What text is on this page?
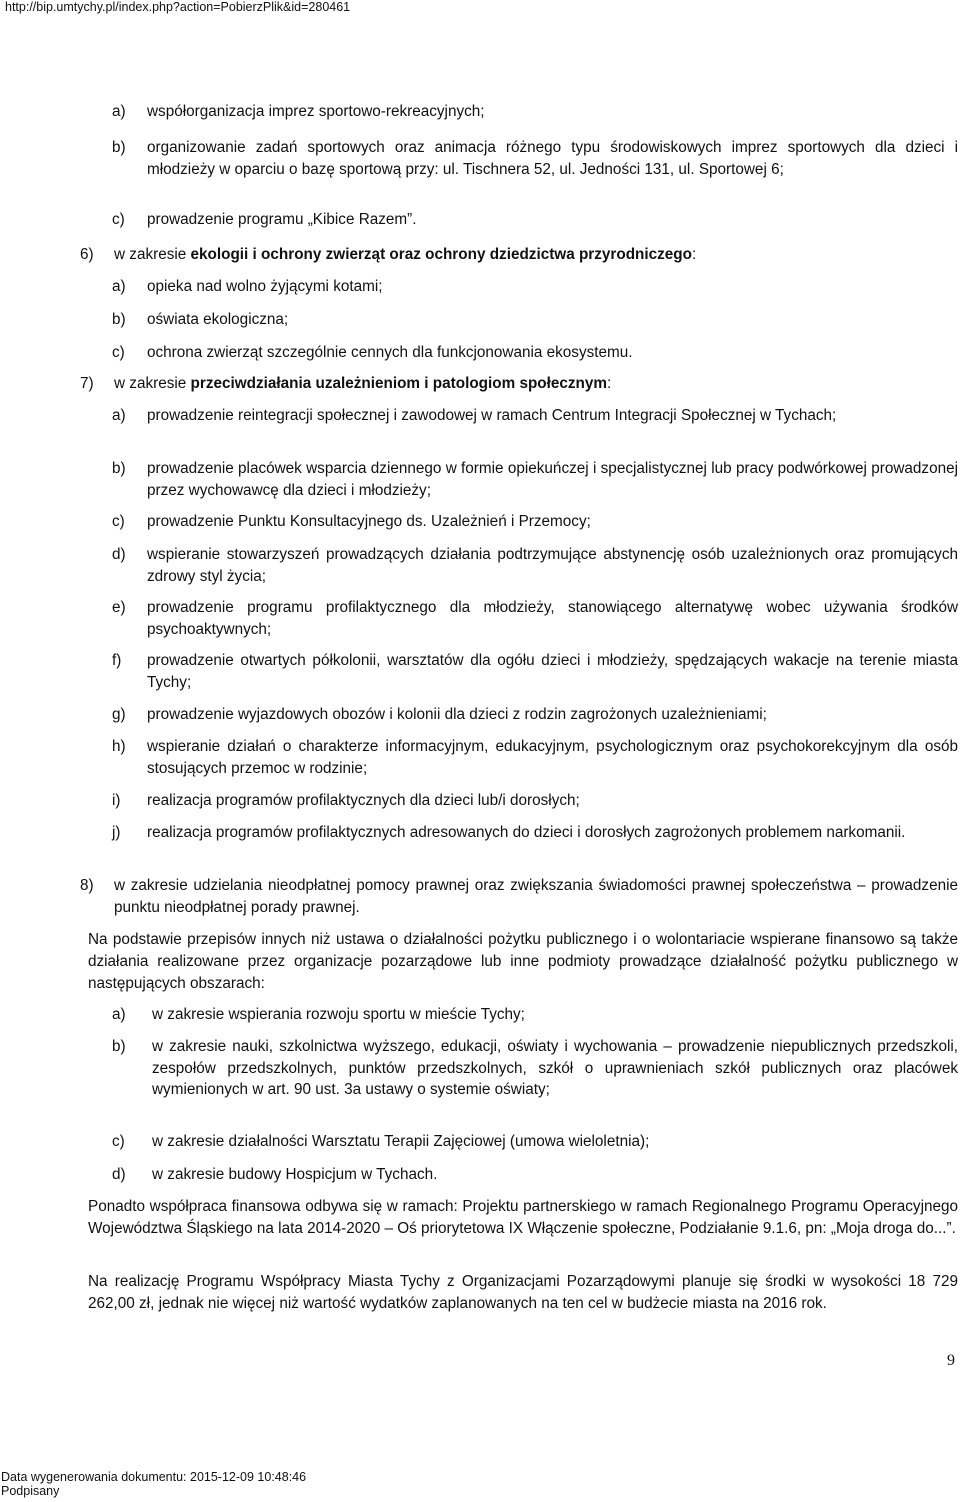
http://bip.umtychy.pl/index.php?action=PobierzPlik&id=280461
a) współorganizacja imprez sportowo-rekreacyjnych;
b) organizowanie zadań sportowych oraz animacja różnego typu środowiskowych imprez sportowych dla dzieci i młodzieży w oparciu o bazę sportową przy: ul. Tischnera 52, ul. Jedności 131, ul. Sportowej 6;
c) prowadzenie programu „Kibice Razem”.
6) w zakresie ekologii i ochrony zwierząt oraz ochrony dziedzictwa przyrodniczego:
a) opieka nad wolno żyjącymi kotami;
b) oświata ekologiczna;
c) ochrona zwierząt szczególnie cennych dla funkcjonowania ekosystemu.
7) w zakresie przeciwdziałania uzależnieniom i patologiom społecznym:
a) prowadzenie reintegracji społecznej i zawodowej w ramach Centrum Integracji Społecznej w Tychach;
b) prowadzenie placówek wsparcia dziennego w formie opiekuńczej i specjalistycznej lub pracy podwórkowej prowadzonej przez wychowawcę dla dzieci i młodzieży;
c) prowadzenie Punktu Konsultacyjnego ds. Uzależnień i Przemocy;
d) wspieranie stowarzyszeń prowadzących działania podtrzymujące abstynencję osób uzależnionych oraz promujących zdrowy styl życia;
e) prowadzenie programu profilaktycznego dla młodzieży, stanowiącego alternatywę wobec używania środków psychoaktywnych;
f) prowadzenie otwartych półkolonii, warsztatów dla ogółu dzieci i młodzieży, spędzających wakacje na terenie miasta Tychy;
g) prowadzenie wyjazdowych obozów i kolonii dla dzieci z rodzin zagrożonych uzależnieniami;
h) wspieranie działań o charakterze informacyjnym, edukacyjnym, psychologicznym oraz psychokorekcyjnym dla osób stosujących przemoc w rodzinie;
i) realizacja programów profilaktycznych dla dzieci lub/i dorosłych;
j) realizacja programów profilaktycznych adresowanych do dzieci i dorosłych zagrożonych problemem narkomanii.
8) w zakresie udzielania nieodpłatnej pomocy prawnej oraz zwiększania świadomości prawnej społeczeństwa – prowadzenie punktu nieodpłatnej porady prawnej.
Na podstawie przepisów innych niż ustawa o działalności pożytku publicznego i o wolontariacie wspierane finansowo są także działania realizowane przez organizacje pozarządowe lub inne podmioty prowadzące działalność pożytku publicznego w następujących obszarach:
a) w zakresie wspierania rozwoju sportu w mieście Tychy;
b) w zakresie nauki, szkolnictwa wyższego, edukacji, oświaty i wychowania – prowadzenie niepublicznych przedszkoli, zespołów przedszkolnych, punktów przedszkolnych, szkół o uprawnieniach szkół publicznych oraz placówek wymienionych w art. 90 ust. 3a ustawy o systemie oświaty;
c) w zakresie działalności Warsztatu Terapii Zajęciowej (umowa wieloletnia);
d) w zakresie budowy Hospicjum w Tychach.
Ponadto współpraca finansowa odbywa się w ramach: Projektu partnerskiego w ramach Regionalnego Programu Operacyjnego Województwa Śląskiego na lata 2014-2020 – Oś priorytetowa IX Włączenie społeczne, Podziałanie 9.1.6, pn: „Moja droga do...”.
Na realizację Programu Współpracy Miasta Tychy z Organizacjami Pozarządowymi planuje się środki w wysokości 18 729 262,00 zł, jednak nie więcej niż wartość wydatków zaplanowanych na ten cel w budżecie miasta na 2016 rok.
9
Data wygenerowania dokumentu: 2015-12-09 10:48:46
Podpisany
